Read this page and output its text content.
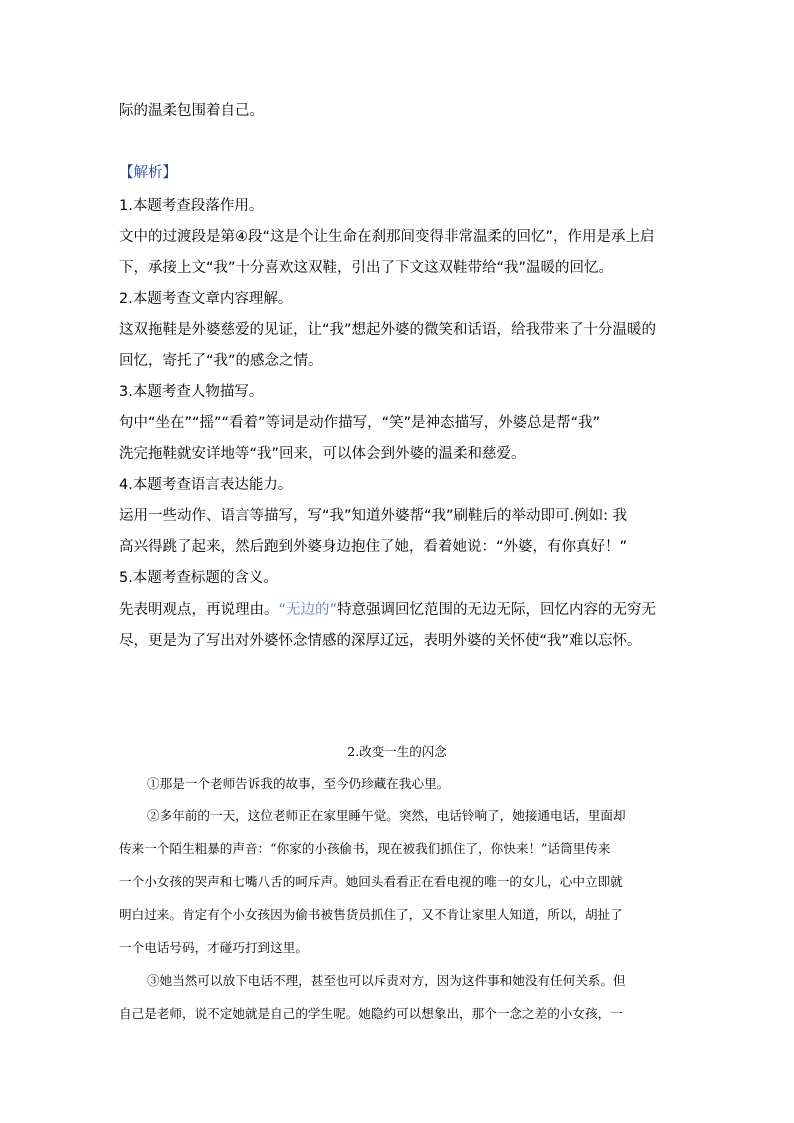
际的温柔包围着自己。

【解析】

1.本题考查段落作用。

文中的过渡段是第④段“这是个让生命在刹那间变得非常温柔的回忆”，作用是承上启

下，承接上文“我”十分喜欢这双鞋，引出了下文这双鞋带给“我”温暖的回忆。

2.本题考查文章内容理解。

这双拖鞋是外婆慈爱的见证，让“我”想起外婆的微笑和话语，给我带来了十分温暖的

回忆，寄托了“我”的感念之情。

3.本题考查人物描写。

句中“坐在”“摇”“看着”等词是动作描写，“笑”是神态描写，外婆总是帮“我”

洗完拖鞋就安详地等“我”回来，可以体会到外婆的温柔和慈爱。

4.本题考查语言表达能力。

运用一些动作、语言等描写，写“我”知道外婆帮“我”刷鞋后的举动即可.例如: 我

高兴得跳了起来，然后跑到外婆身边抱住了她，看着她说：“外婆，有你真好！”

5.本题考查标题的含义。

先表明观点，再说理由。“无边的”特意强调回忆范围的无边无际，回忆内容的无穷无

尽，更是为了写出对外婆怀念情感的深厚辽远，表明外婆的关怀使“我”难以忘怀。

2.改变一生的闪念

①那是一个老师告诉我的故事，至今仍珍藏在我心里。

②多年前的一天，这位老师正在家里睡午觉。突然，电话铃响了，她接通电话，里面却

传来一个陌生粗暴的声音：“你家的小孩偷书，现在被我们抓住了，你快来！”话筒里传来

一个小女孩的哭声和七嘴八舌的呵斥声。她回头看看正在看电视的唯一的女儿，心中立即就

明白过来。肯定有个小女孩因为偷书被售货员抓住了，又不肯让家里人知道，所以，胡扯了

一个电话号码，才碰巧打到这里。

③她当然可以放下电话不理，甚至也可以斥责对方，因为这件事和她没有任何关系。但

自己是老师，说不定她就是自己的学生呢。她隐约可以想象出，那个一念之差的小女孩，一
